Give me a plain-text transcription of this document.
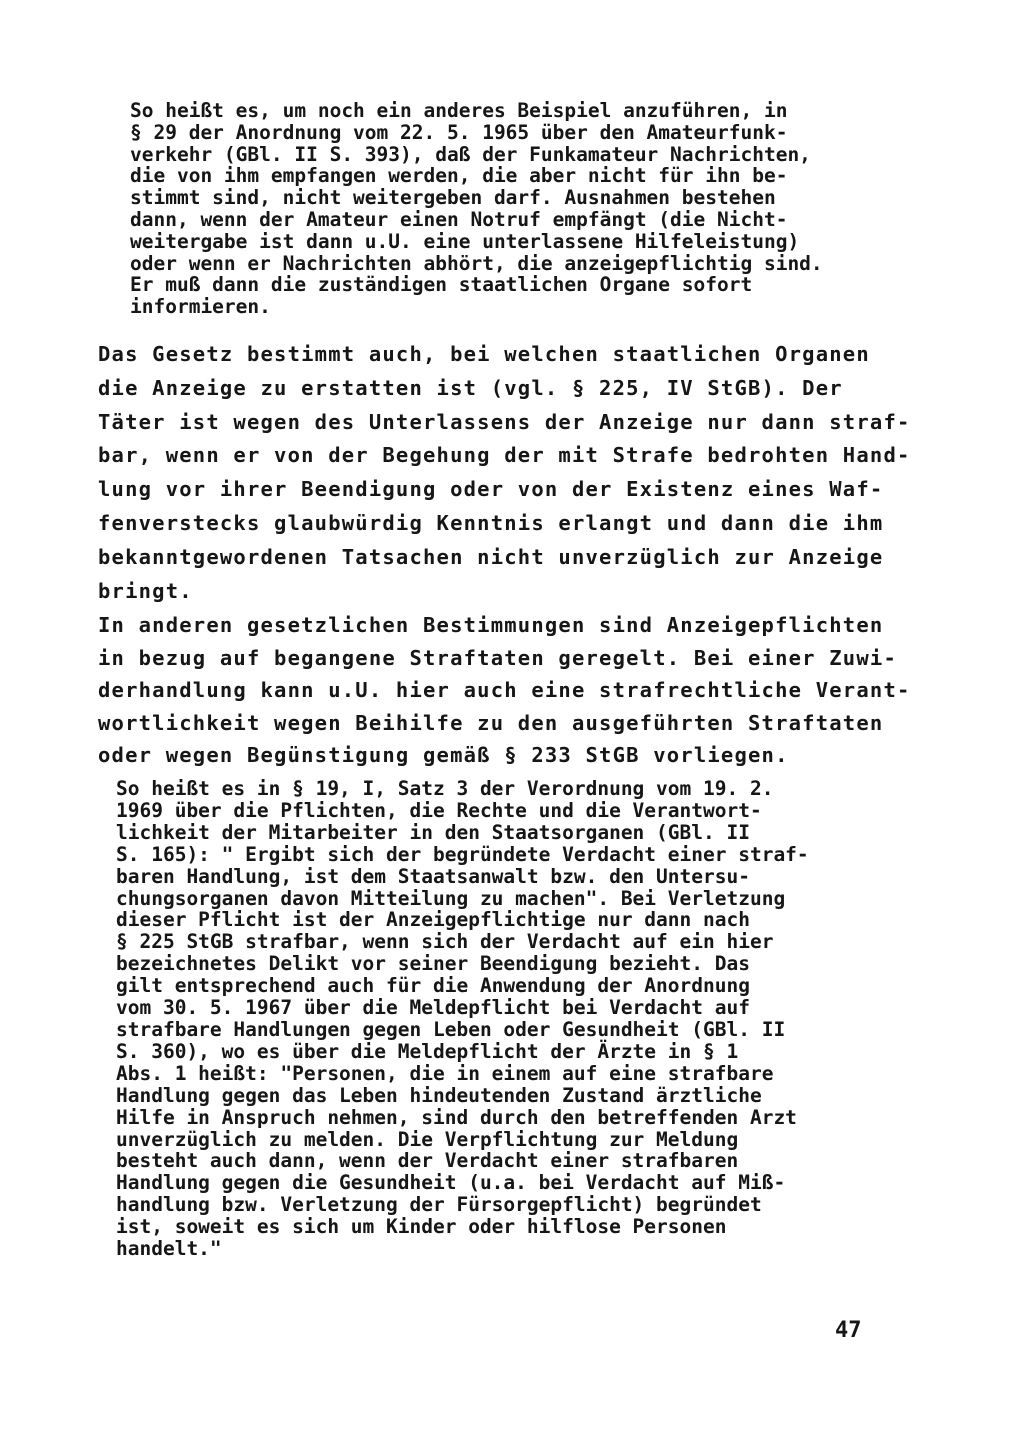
So heißt es, um noch ein anderes Beispiel anzuführen, in
§ 29 der Anordnung vom 22. 5. 1965 über den Amateurfunk-
verkehr (GBl. II S. 393), daß der Funkamateur Nachrichten,
die von ihm empfangen werden, die aber nicht für ihn be-
stimmt sind, nicht weitergeben darf. Ausnahmen bestehen
dann, wenn der Amateur einen Notruf empfängt (die Nicht-
weitergabe ist dann u.U. eine unterlassene Hilfeleistung)
oder wenn er Nachrichten abhört, die anzeigepflichtig sind.
Er muß dann die zuständigen staatlichen Organe sofort
informieren.
Das Gesetz bestimmt auch, bei welchen staatlichen Organen
die Anzeige zu erstatten ist (vgl. § 225, IV StGB). Der
Täter ist wegen des Unterlassens der Anzeige nur dann straf-
bar, wenn er von der Begehung der mit Strafe bedrohten Hand-
lung vor ihrer Beendigung oder von der Existenz eines Waf-
fenverstecks glaubwürdig Kenntnis erlangt und dann die ihm
bekanntgewordenen Tatsachen nicht unverzüglich zur Anzeige
bringt.
In anderen gesetzlichen Bestimmungen sind Anzeigepflichten
in bezug auf begangene Straftaten geregelt. Bei einer Zuwi-
derhandlung kann u.U. hier auch eine strafrechtliche Verant-
wortlichkeit wegen Beihilfe zu den ausgeführten Straftaten
oder wegen Begünstigung gemäß § 233 StGB vorliegen.
So heißt es in § 19, I, Satz 3 der Verordnung vom 19. 2.
1969 über die Pflichten, die Rechte und die Verantwort-
lichkeit der Mitarbeiter in den Staatsorganen (GBl. II
S. 165): " Ergibt sich der begründete Verdacht einer straf-
baren Handlung, ist dem Staatsanwalt bzw. den Untersu-
chungsorganen davon Mitteilung zu machen". Bei Verletzung
dieser Pflicht ist der Anzeigepflichtige nur dann nach
§ 225 StGB strafbar, wenn sich der Verdacht auf ein hier
bezeichnetes Delikt vor seiner Beendigung bezieht. Das
gilt entsprechend auch für die Anwendung der Anordnung
vom 30. 5. 1967 über die Meldepflicht bei Verdacht auf
strafbare Handlungen gegen Leben oder Gesundheit (GBl. II
S. 360), wo es über die Meldepflicht der Ärzte in § 1
Abs. 1 heißt: "Personen, die in einem auf eine strafbare
Handlung gegen das Leben hindeutenden Zustand ärztliche
Hilfe in Anspruch nehmen, sind durch den betreffenden Arzt
unverzüglich zu melden. Die Verpflichtung zur Meldung
besteht auch dann, wenn der Verdacht einer strafbaren
Handlung gegen die Gesundheit (u.a. bei Verdacht auf Miß-
handlung bzw. Verletzung der Fürsorgepflicht) begründet
ist, soweit es sich um Kinder oder hilflose Personen
handelt."
47
